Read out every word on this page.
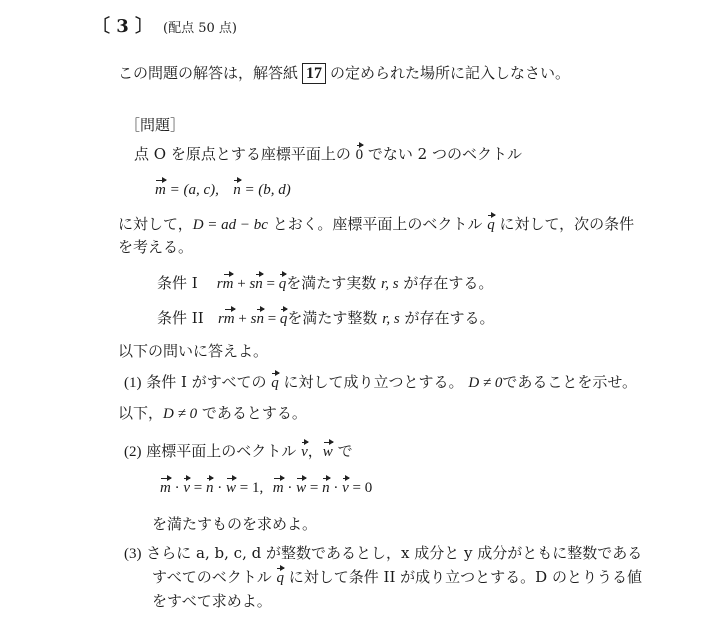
〔 3 〕 (配点 50 点)
この問題の解答は，解答紙 17 の定められた場所に記入しなさい。
［問題］
点 O を原点とする座標平面上の 0 でない 2 つのベクトル
m = (a, c), n = (b, d)
に対して，D = ad − bc とおく。座標平面上のベクトル q に対して，次の条件
を考える。
条件 I rm + sn = qを満たす実数 r, s が存在する。
条件 II rm + sn = qを満たす整数 r, s が存在する。
以下の問いに答えよ。
(1) 条件 I がすべての q に対して成り立つとする。 D ≠ 0であることを示せ。
以下，D ≠ 0 であるとする。
(2) 座標平面上のベクトル v，w で
m · v = n · w = 1, m · w = n · v = 0
を満たすものを求めよ。
(3) さらに a, b, c, d が整数であるとし，x 成分と y 成分がともに整数である
すべてのベクトル q に対して条件 II が成り立つとする。D のとりうる値
をすべて求めよ。
